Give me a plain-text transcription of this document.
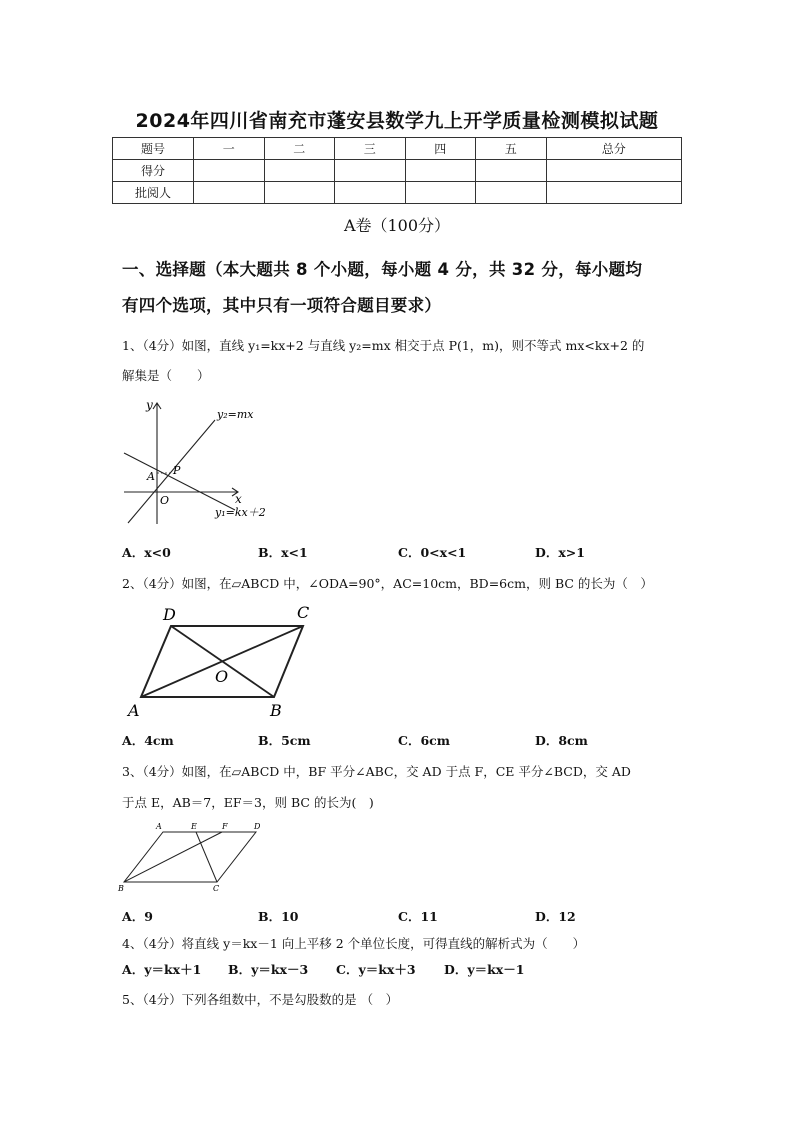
2024年四川省南充市蓬安县数学九上开学质量检测模拟试题
题号	一	二	三	四	五	总分
得分						
批阅人						
A卷（100分）
一、选择题（本大题共 8 个小题，每小题 4 分，共 32 分，每小题均
有四个选项，其中只有一项符合题目要求）
1、（4分）如图，直线 y₁=kx+2 与直线 y₂=mx 相交于点 P(1，m)，则不等式 mx<kx+2 的
解集是（　　）
y
x
y₂=mx
y₁=kx＋2
A P
O
A．x<0	B．x<1	C．0<x<1	D．x>1
2、（4分）如图，在▱ABCD 中，∠ODA=90°，AC=10cm，BD=6cm，则 BC 的长为（　）
D	C
O
A	B
A．4cm	B．5cm	C．6cm	D．8cm
3、（4分）如图，在▱ABCD 中，BF 平分∠ABC，交 AD 于点 F，CE 平分∠BCD，交 AD
于点 E，AB＝7，EF＝3，则 BC 的长为(　)
A	E	F	D
B	C
A．9	B．10	C．11	D．12
4、（4分）将直线 y＝kx－1 向上平移 2 个单位长度，可得直线的解析式为（　　）
A．y＝kx＋1 B．y＝kx－3 C．y＝kx＋3 D．y＝kx－1
5、（4分）下列各组数中，不是勾股数的是 （　）
